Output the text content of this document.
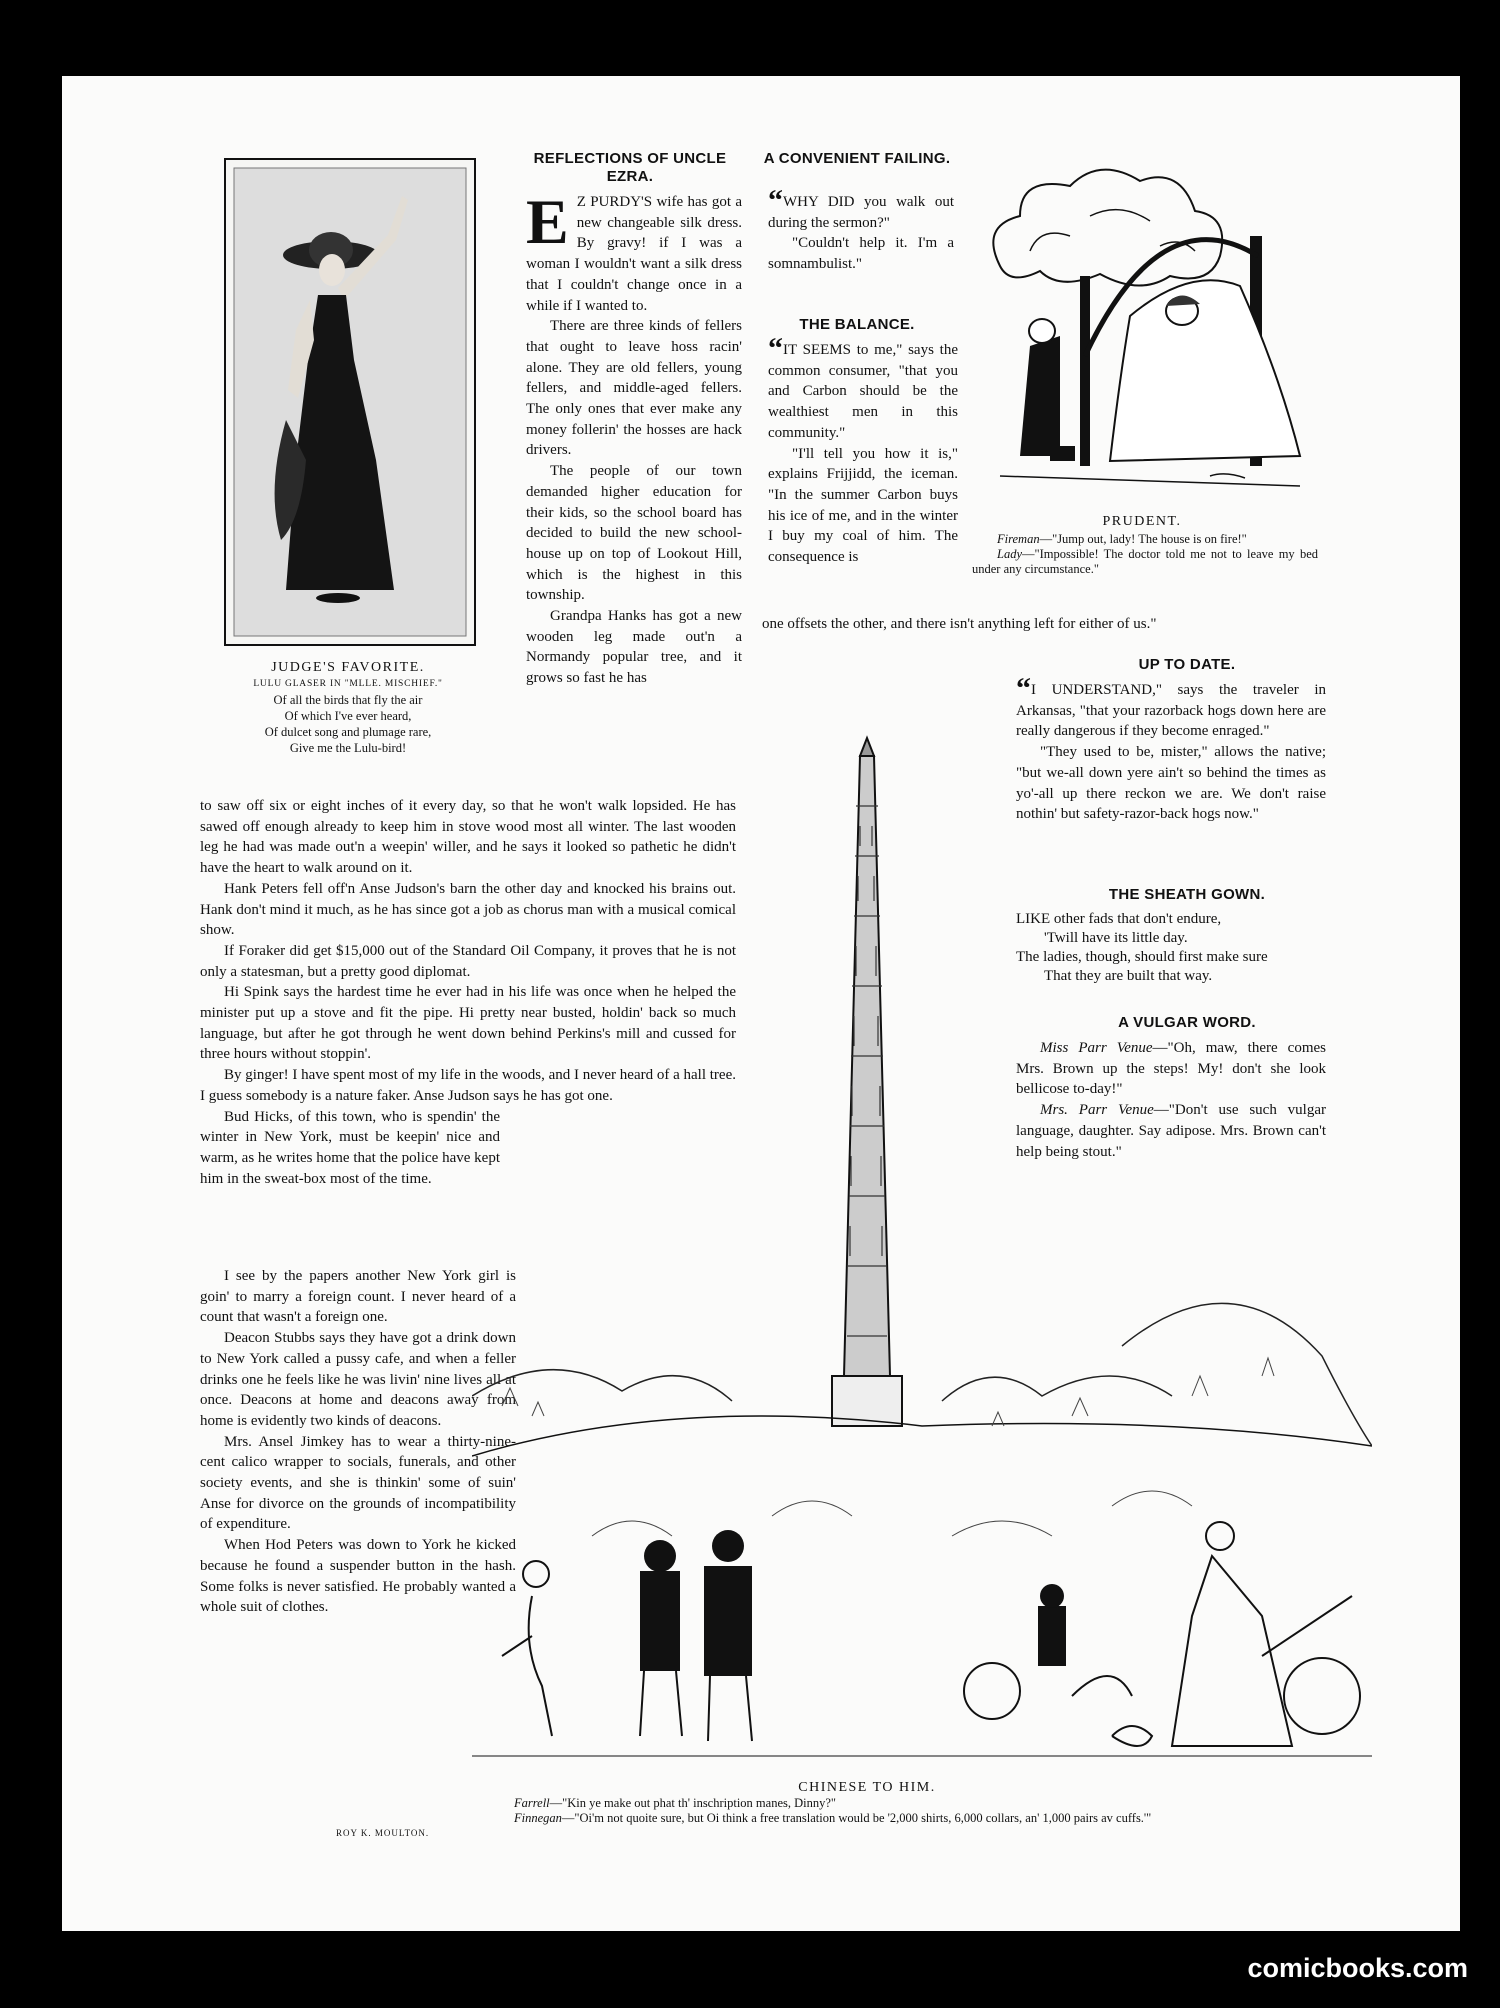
JUDGE'S FAVORITE.
LULU GLASER IN "MLLE. MISCHIEF."
Of all the birds that fly the air
Of which I've ever heard,
Of dulcet song and plumage rare,
Give me the Lulu-bird!
REFLECTIONS OF UNCLE EZRA.

E Z PURDY'S wife has got a new changeable silk dress. By gravy! if I was a woman I wouldn't want a silk dress that I couldn't change once in a while if I wanted to.

There are three kinds of fellers that ought to leave hoss racin' alone. They are old fellers, young fellers, and middle-aged fellers. The only ones that ever make any money follerin' the hosses are hack drivers.

The people of our town demanded higher education for their kids, so the school board has decided to build the new school-house up on top of Lookout Hill, which is the highest in this township.

Grandpa Hanks has got a new wooden leg made out'n a Normandy popular tree, and it grows so fast he has

A CONVENIENT FAILING.

“WHY DID you walk out during the sermon?"

"Couldn't help it. I'm a somnambulist."

THE BALANCE.

“IT SEEMS to me," says the common consumer, "that you and Carbon should be the wealthiest men in this community."

"I'll tell you how it is," explains Frijjidd, the iceman. "In the summer Carbon buys his ice of me, and in the winter I buy my coal of him. The consequence is

one offsets the other, and there isn't anything left for either of us."
PRUDENT.
Fireman—"Jump out, lady! The house is on fire!"
Lady—"Impossible! The doctor told me not to leave my bed under any circumstance."

to saw off six or eight inches of it every day, so that he won't walk lopsided. He has sawed off enough already to keep him in stove wood most all winter. The last wooden leg he had was made out'n a weepin' willer, and he says it looked so pathetic he didn't have the heart to walk around on it.

Hank Peters fell off'n Anse Judson's barn the other day and knocked his brains out. Hank don't mind it much, as he has since got a job as chorus man with a musical comical show.

If Foraker did get $15,000 out of the Standard Oil Company, it proves that he is not only a statesman, but a pretty good diplomat.

Hi Spink says the hardest time he ever had in his life was once when he helped the minister put up a stove and fit the pipe. Hi pretty near busted, holdin' back so much language, but after he got through he went down behind Perkins's mill and cussed for three hours without stoppin'.

By ginger! I have spent most of my life in the woods, and I never heard of a hall tree. I guess somebody is a nature faker. Anse Judson says he has got one.

Bud Hicks, of this town, who is spendin' the winter in New York, must be keepin' nice and warm, as he writes home that the police have kept him in the sweat-box most of the time.

I see by the papers another New York girl is goin' to marry a foreign count. I never heard of a count that wasn't a foreign one.

Deacon Stubbs says they have got a drink down to New York called a pussy cafe, and when a feller drinks one he feels like he was livin' nine lives all at once. Deacons at home and deacons away from home is evidently two kinds of deacons.

Mrs. Ansel Jimkey has to wear a thirty-nine-cent calico wrapper to socials, funerals, and other society events, and she is thinkin' some of suin' Anse for divorce on the grounds of incompatibility of expenditure.

When Hod Peters was down to York he kicked because he found a suspender button in the hash. Some folks is never satisfied. He probably wanted a whole suit of clothes.

ROY K. MOULTON.
CHINESE TO HIM.
Farrell—"Kin ye make out phat th' inschription manes, Dinny?"
Finnegan—"Oi'm not quoite sure, but Oi think a free translation would be '2,000 shirts, 6,000 collars, an' 1,000 pairs av cuffs.'"
UP TO DATE.

“I UNDERSTAND," says the traveler in Arkansas, "that your razorback hogs down here are really dangerous if they become enraged."

"They used to be, mister," allows the native; "but we-all down yere ain't so behind the times as yo'-all up there reckon we are. We don't raise nothin' but safety-razor-back hogs now."

THE SHEATH GOWN.
LIKE other fads that don't endure,
'Twill have its little day.
The ladies, though, should first make sure
That they are built that way.
A VULGAR WORD.

Miss Parr Venue—"Oh, maw, there comes Mrs. Brown up the steps! My! don't she look bellicose to-day!"

Mrs. Parr Venue—"Don't use such vulgar language, daughter. Say adipose. Mrs. Brown can't help being stout."

comicbooks.com
